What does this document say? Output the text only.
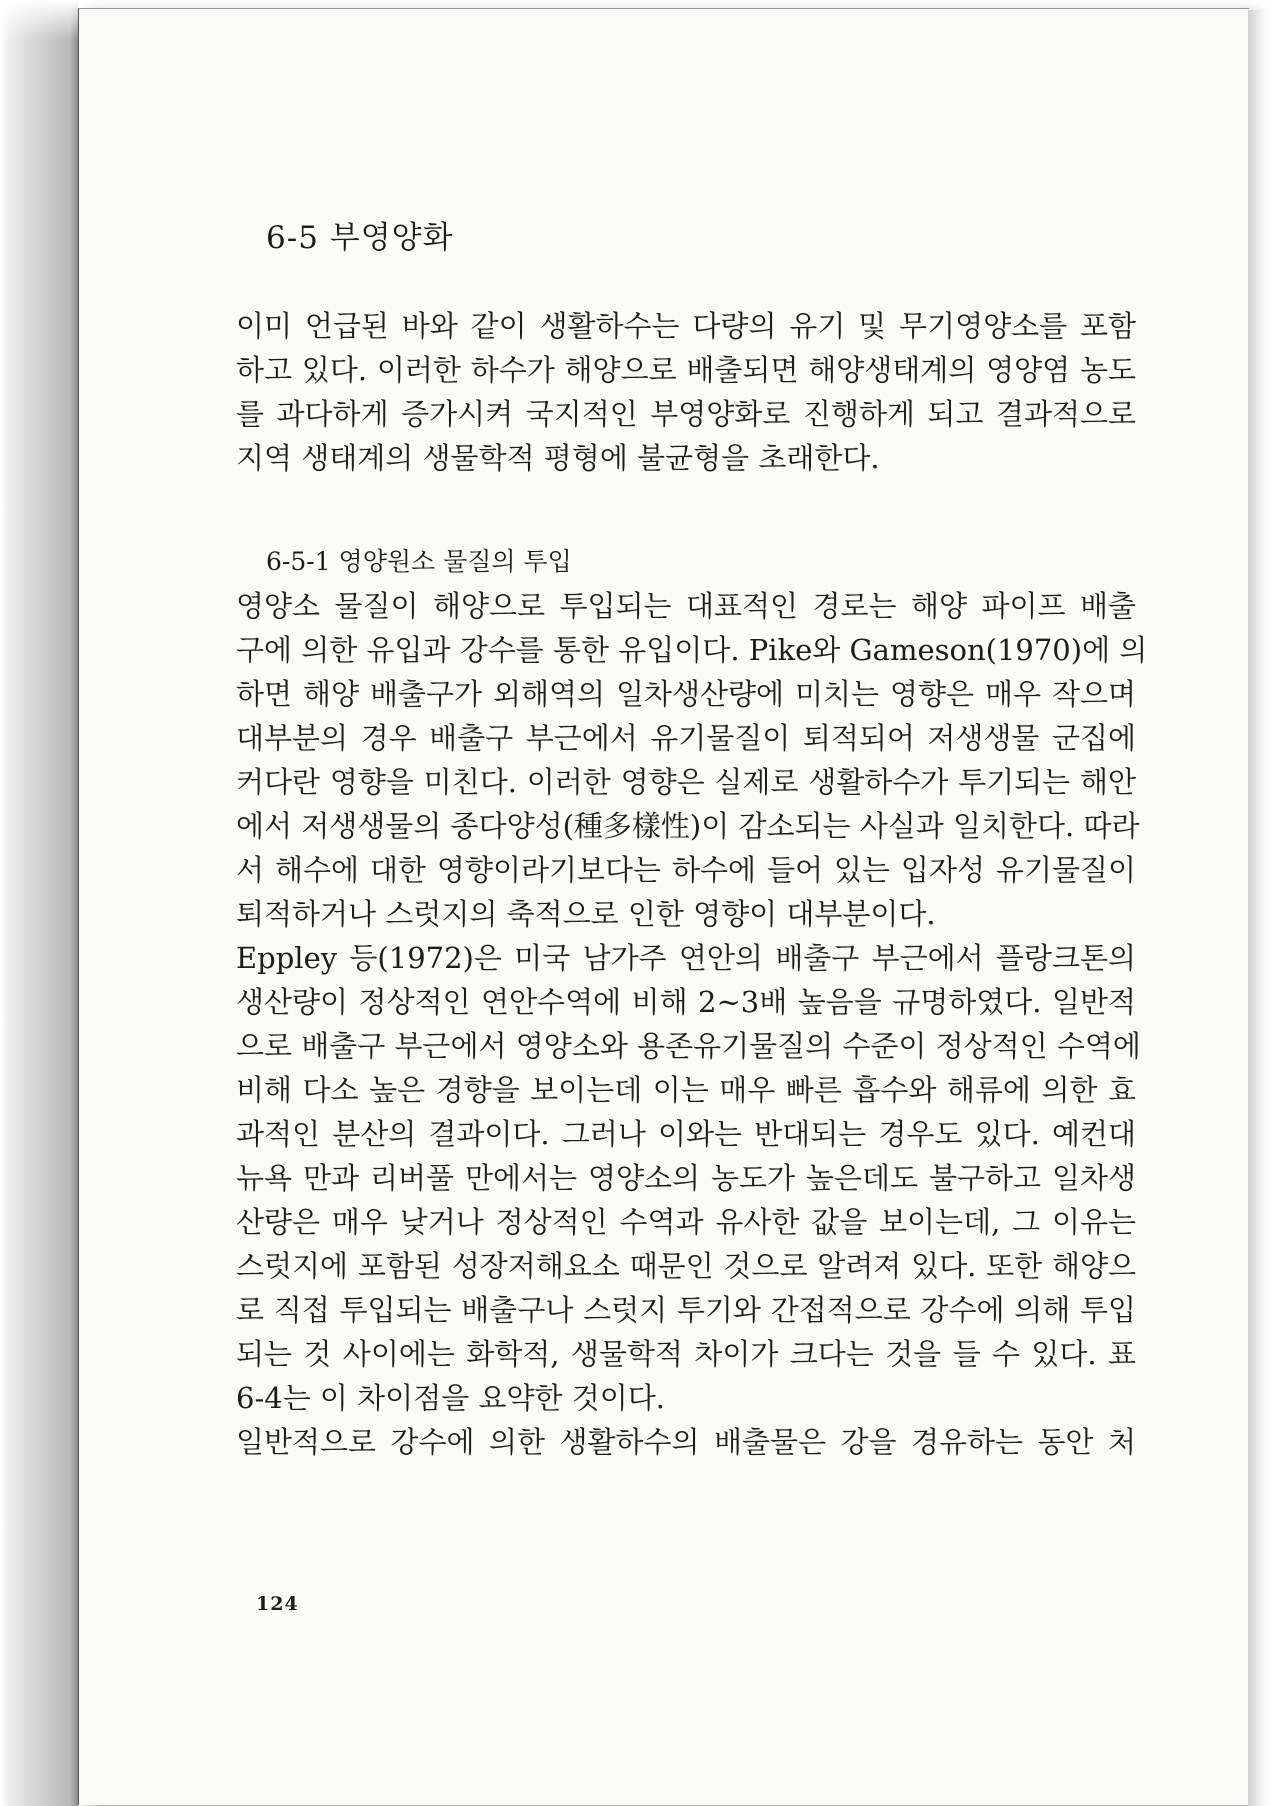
6-5 부영양화
이미 언급된 바와 같이 생활하수는 다량의 유기 및 무기영양소를 포함
하고 있다. 이러한 하수가 해양으로 배출되면 해양생태계의 영양염 농도
를 과다하게 증가시켜 국지적인 부영양화로 진행하게 되고 결과적으로
지역 생태계의 생물학적 평형에 불균형을 초래한다.
6-5-1 영양원소 물질의 투입
영양소 물질이 해양으로 투입되는 대표적인 경로는 해양 파이프 배출
구에 의한 유입과 강수를 통한 유입이다. Pike와 Gameson(1970)에 의
하면 해양 배출구가 외해역의 일차생산량에 미치는 영향은 매우 작으며
대부분의 경우 배출구 부근에서 유기물질이 퇴적되어 저생생물 군집에
커다란 영향을 미친다. 이러한 영향은 실제로 생활하수가 투기되는 해안
에서 저생생물의 종다양성(種多樣性)이 감소되는 사실과 일치한다. 따라
서 해수에 대한 영향이라기보다는 하수에 들어 있는 입자성 유기물질이
퇴적하거나 스럿지의 축적으로 인한 영향이 대부분이다.
Eppley 등(1972)은 미국 남가주 연안의 배출구 부근에서 플랑크톤의
생산량이 정상적인 연안수역에 비해 2~3배 높음을 규명하였다. 일반적
으로 배출구 부근에서 영양소와 용존유기물질의 수준이 정상적인 수역에
비해 다소 높은 경향을 보이는데 이는 매우 빠른 흡수와 해류에 의한 효
과적인 분산의 결과이다. 그러나 이와는 반대되는 경우도 있다. 예컨대
뉴욕 만과 리버풀 만에서는 영양소의 농도가 높은데도 불구하고 일차생
산량은 매우 낮거나 정상적인 수역과 유사한 값을 보이는데, 그 이유는
스럿지에 포함된 성장저해요소 때문인 것으로 알려져 있다. 또한 해양으
로 직접 투입되는 배출구나 스럿지 투기와 간접적으로 강수에 의해 투입
되는 것 사이에는 화학적, 생물학적 차이가 크다는 것을 들 수 있다. 표
6-4는 이 차이점을 요약한 것이다.
일반적으로 강수에 의한 생활하수의 배출물은 강을 경유하는 동안 처
124
